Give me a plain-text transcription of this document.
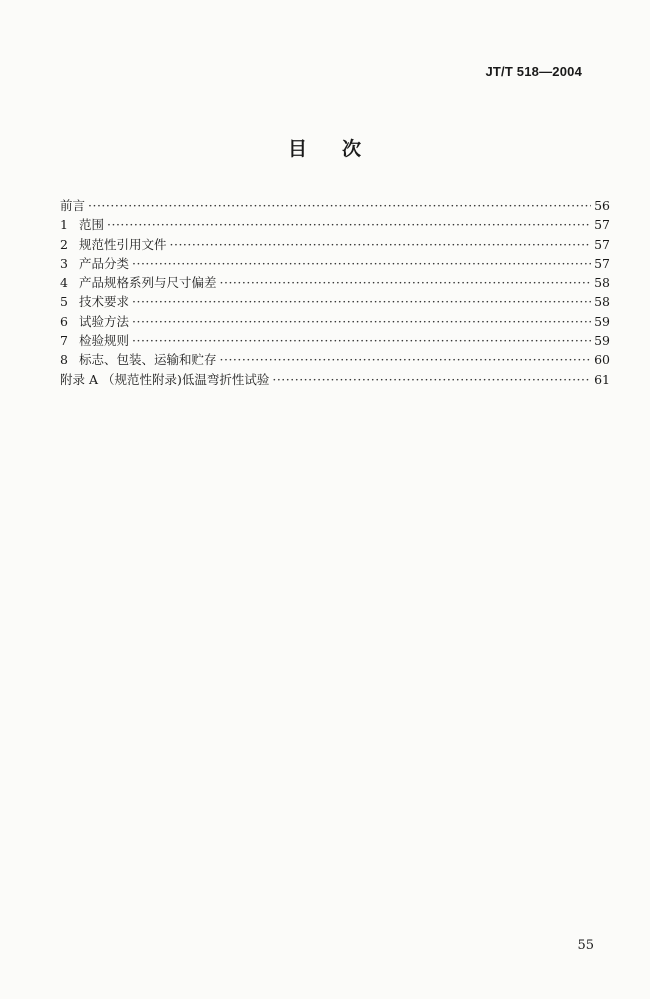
JT/T 518—2004
目 次
前言 ·····	56
1 范围 ·····	57
2 规范性引用文件 ·····	57
3 产品分类 ·····	57
4 产品规格系列与尺寸偏差 ·····	58
5 技术要求 ·····	58
6 试验方法 ·····	59
7 检验规则 ·····	59
8 标志、包装、运输和贮存 ·····	60
附录 A （规范性附录)低温弯折性试验 ·····	61
55
